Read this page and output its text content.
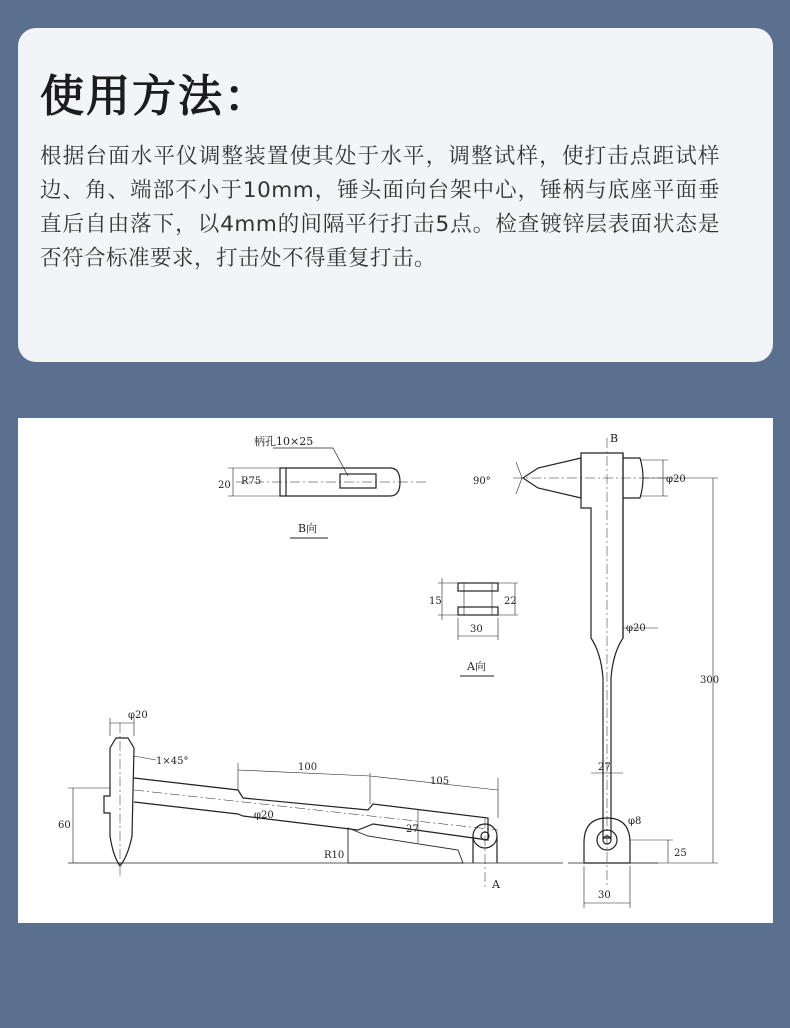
使用方法：

根据台面水平仪调整装置使其处于水平，调整试样，使打击点距试样边、角、端部不小于10mm，锤头面向台架中心，锤柄与底座平面垂直后自由落下，以4mm的间隔平行打击5点。检查镀锌层表面状态是否符合标准要求，打击处不得重复打击。

柄孔10×25
20 R75
B向
15	22
30
A向
φ20
1×45°
100
105
φ20
27
R10
60
A
B
90°	φ20
300
φ20
27
φ8
25
30
